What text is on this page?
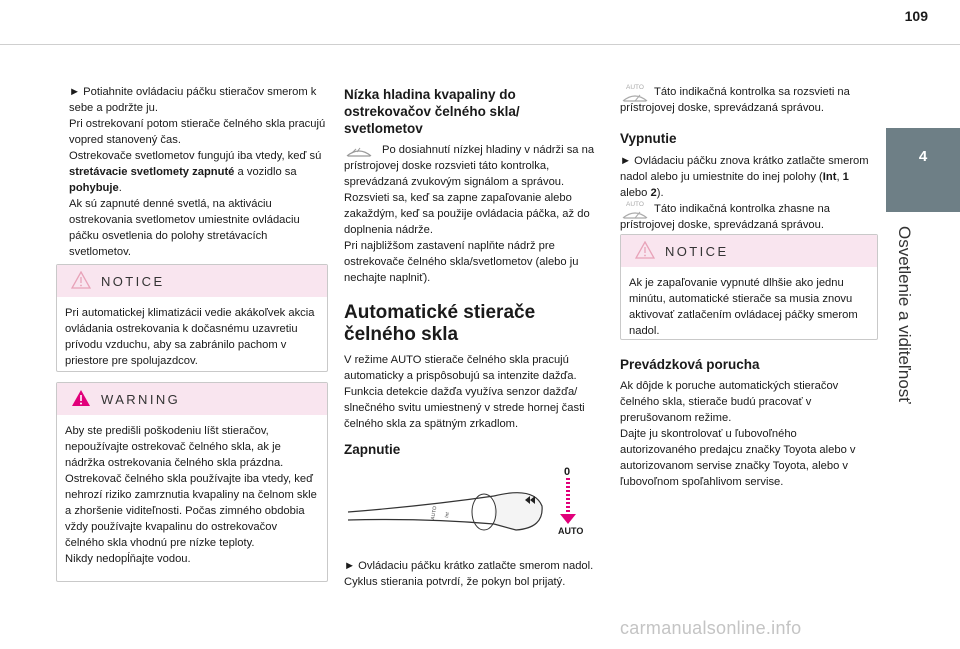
109
4
Osvetlenie a viditeľnosť

► Potiahnite ovládaciu páčku stieračov smerom k sebe a podržte ju.

Pri ostrekovaní potom stierače čelného skla pracujú vopred stanovený čas.

Ostrekovače svetlometov fungujú iba vtedy, keď sú stretávacie svetlomety zapnuté a vozidlo sa pohybuje.

Ak sú zapnuté denné svetlá, na aktiváciu ostrekovania svetlometov umiestnite ovládaciu páčku osvetlenia do polohy stretávacích svetlometov.

NOTICE
Pri automatickej klimatizácii vedie akákoľvek akcia ovládania ostrekovania k dočasnému uzavretiu prívodu vzduchu, aby sa zabránilo pachom v priestore pre spolujazdcov.
WARNING
Aby ste predišli poškodeniu líšt stieračov, nepoužívajte ostrekovač čelného skla, ak je nádržka ostrekovania čelného skla prázdna. Ostrekovač čelného skla používajte iba vtedy, keď nehrozí riziko zamrznutia kvapaliny na čelnom skle a zhoršenie viditeľnosti. Počas zimného obdobia vždy používajte kvapalinu do ostrekovačov čelného skla vhodnú pre nízke teploty.
Nikdy nedopĺňajte vodou.
Nízka hladina kvapaliny do ostrekovačov čelného skla/ svetlometov

Po dosiahnutí nízkej hladiny v nádrži sa na prístrojovej doske rozsvieti táto kontrolka, sprevádzaná zvukovým signálom a správou.

Rozsvieti sa, keď sa zapne zapaľovanie alebo zakaždým, keď sa použije ovládacia páčka, až do doplnenia nádrže.

Pri najbližšom zastavení naplňte nádrž pre ostrekovače čelného skla/svetlometov (alebo ju nechajte naplniť).

Automatické stierače čelného skla

V režime AUTO stierače čelného skla pracujú automaticky a prispôsobujú sa intenzite dažďa. Funkcia detekcie dažďa využíva senzor dažďa/ slnečného svitu umiestnený v strede hornej časti čelného skla za spätným zrkadlom.

Zapnutie
AUTO Int
0
AUTO

► Ovládaciu páčku krátko zatlačte smerom nadol.

Cyklus stierania potvrdí, že pokyn bol prijatý.

AUTO Táto indikačná kontrolka sa rozsvieti na prístrojovej doske, sprevádzaná správou.

Vypnutie

► Ovládaciu páčku znova krátko zatlačte smerom nadol alebo ju umiestnite do inej polohy (Int, 1 alebo 2).

AUTO Táto indikačná kontrolka zhasne na prístrojovej doske, sprevádzaná správou.

NOTICE
Ak je zapaľovanie vypnuté dlhšie ako jednu minútu, automatické stierače sa musia znovu aktivovať zatlačením ovládacej páčky smerom nadol.
Prevádzková porucha

Ak dôjde k poruche automatických stieračov čelného skla, stierače budú pracovať v prerušovanom režime.

Dajte ju skontrolovať u ľubovoľného autorizovaného predajcu značky Toyota alebo v autorizovanom servise značky Toyota, alebo v ľubovoľnom spoľahlivom servise.

carmanualsonline.info
